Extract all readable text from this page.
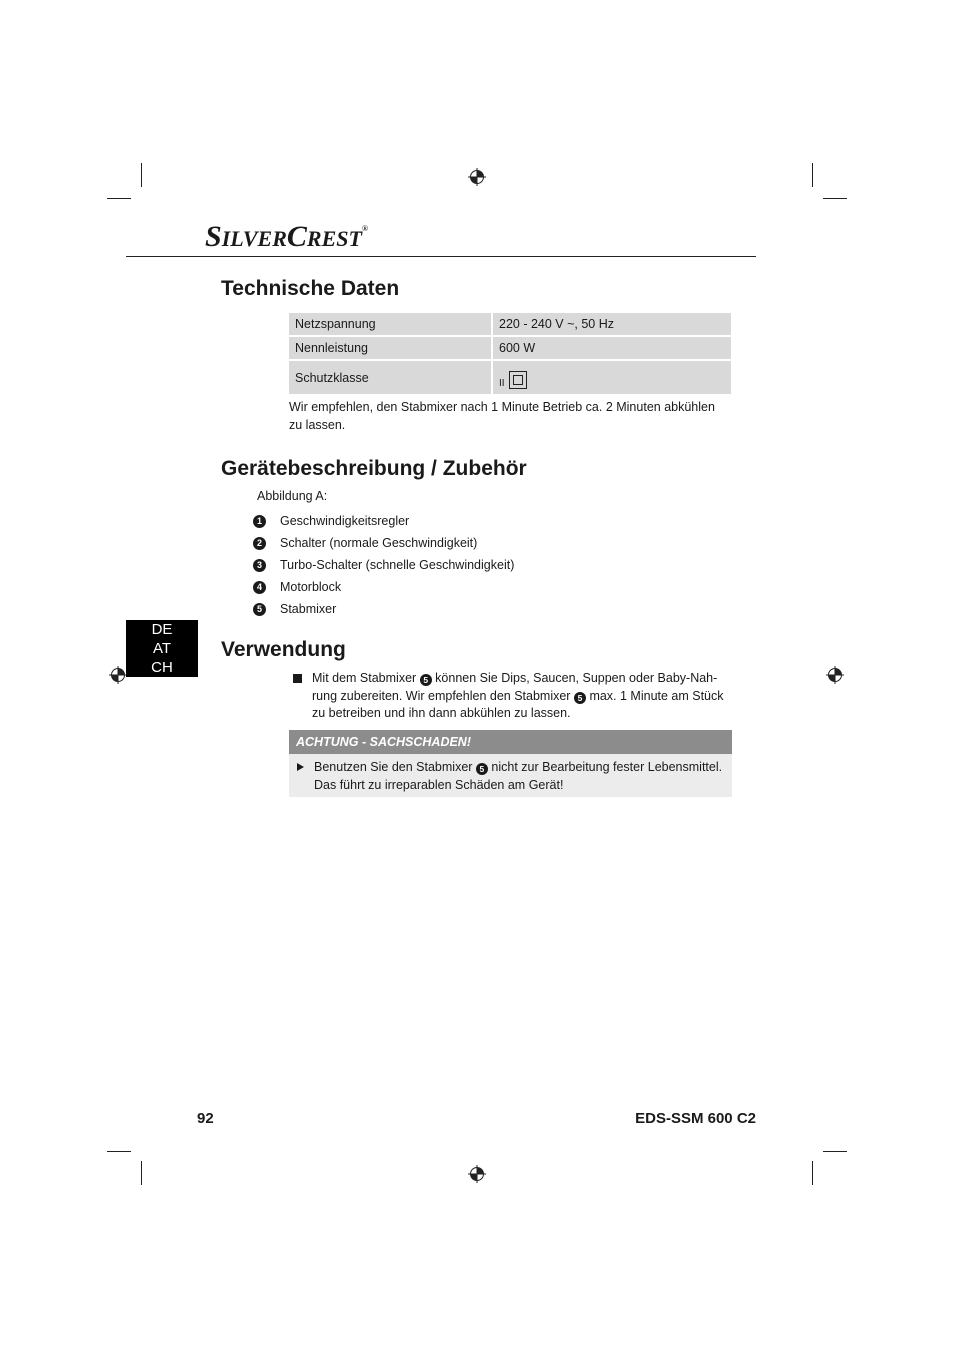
SILVERCREST®
Technische Daten
Netzspannung	220 - 240 V ~, 50 Hz
Nennleistung	600 W
Schutzklasse	II
Wir empfehlen, den Stabmixer nach 1 Minute Betrieb ca. 2 Minuten abkühlen
zu lassen.
Gerätebeschreibung / Zubehör
Abbildung A:
1	Geschwindigkeitsregler
2	Schalter (normale Geschwindigkeit)
3	Turbo-Schalter (schnelle Geschwindigkeit)
4	Motorblock
5	Stabmixer
DE
AT
CH
Verwendung
Mit dem Stabmixer 5 können Sie Dips, Saucen, Suppen oder Baby-Nah-
rung zubereiten. Wir empfehlen den Stabmixer 5 max. 1 Minute am Stück
zu betreiben und ihn dann abkühlen zu lassen.
ACHTUNG - SACHSCHADEN!
Benutzen Sie den Stabmixer 5 nicht zur Bearbeitung fester Lebensmittel.
Das führt zu irreparablen Schäden am Gerät!
92	EDS-SSM 600 C2
